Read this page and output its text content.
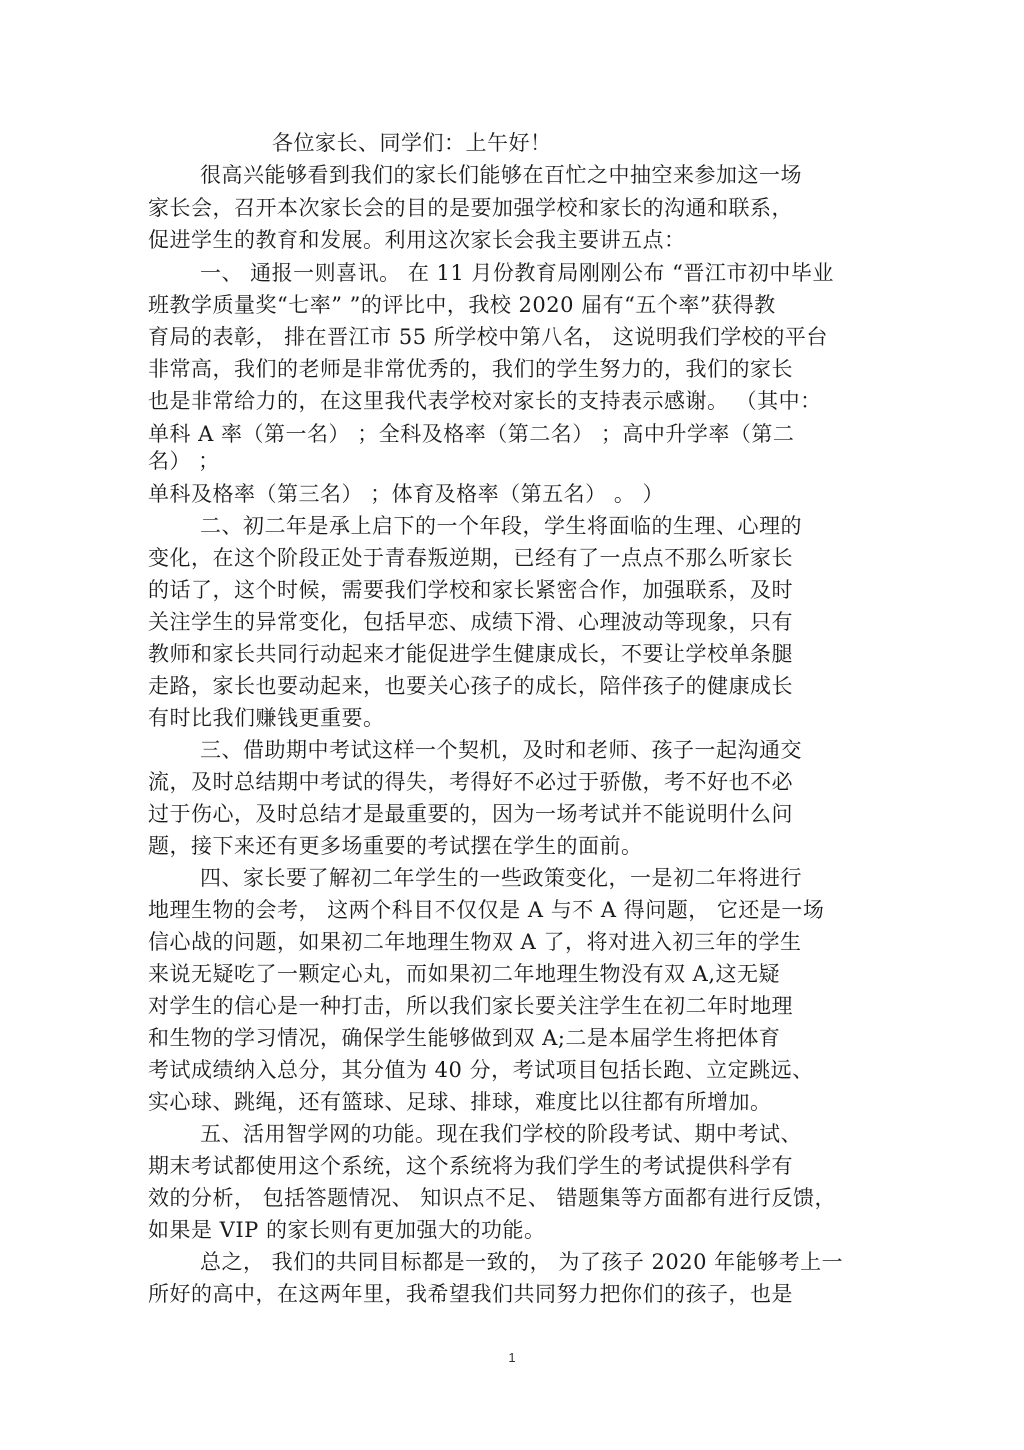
各位家长、同学们：上午好！
很高兴能够看到我们的家长们能够在百忙之中抽空来参加这一场
家长会，召开本次家长会的目的是要加强学校和家长的沟通和联系，
促进学生的教育和发展。利用这次家长会我主要讲五点：
一、 通报一则喜讯。 在 11 月份教育局刚刚公布 “晋江市初中毕业
班教学质量奖“七率” ”的评比中，我校 2020 届有“五个率”获得教
育局的表彰， 排在晋江市 55 所学校中第八名， 这说明我们学校的平台
非常高，我们的老师是非常优秀的，我们的学生努力的，我们的家长
也是非常给力的，在这里我代表学校对家长的支持表示感谢。 （其中：
单科 A 率（第一名） ；全科及格率（第二名） ；高中升学率（第二
名） ；
单科及格率（第三名） ；体育及格率（第五名） 。 ）
二、初二年是承上启下的一个年段，学生将面临的生理、心理的
变化，在这个阶段正处于青春叛逆期，已经有了一点点不那么听家长
的话了，这个时候，需要我们学校和家长紧密合作，加强联系，及时
关注学生的异常变化，包括早恋、成绩下滑、心理波动等现象，只有
教师和家长共同行动起来才能促进学生健康成长，不要让学校单条腿
走路，家长也要动起来，也要关心孩子的成长，陪伴孩子的健康成长
有时比我们赚钱更重要。
三、借助期中考试这样一个契机，及时和老师、孩子一起沟通交
流，及时总结期中考试的得失，考得好不必过于骄傲，考不好也不必
过于伤心，及时总结才是最重要的，因为一场考试并不能说明什么问
题，接下来还有更多场重要的考试摆在学生的面前。
四、家长要了解初二年学生的一些政策变化，一是初二年将进行
地理生物的会考， 这两个科目不仅仅是 A 与不 A 得问题， 它还是一场
信心战的问题，如果初二年地理生物双 A 了，将对进入初三年的学生
来说无疑吃了一颗定心丸，而如果初二年地理生物没有双 A,这无疑
对学生的信心是一种打击，所以我们家长要关注学生在初二年时地理
和生物的学习情况，确保学生能够做到双 A;二是本届学生将把体育
考试成绩纳入总分，其分值为 40 分，考试项目包括长跑、立定跳远、
实心球、跳绳，还有篮球、足球、排球，难度比以往都有所增加。
五、活用智学网的功能。现在我们学校的阶段考试、期中考试、
期末考试都使用这个系统，这个系统将为我们学生的考试提供科学有
效的分析， 包括答题情况、 知识点不足、 错题集等方面都有进行反馈，
如果是 VIP 的家长则有更加强大的功能。
总之， 我们的共同目标都是一致的， 为了孩子 2020 年能够考上一
所好的高中，在这两年里，我希望我们共同努力把你们的孩子，也是
1
